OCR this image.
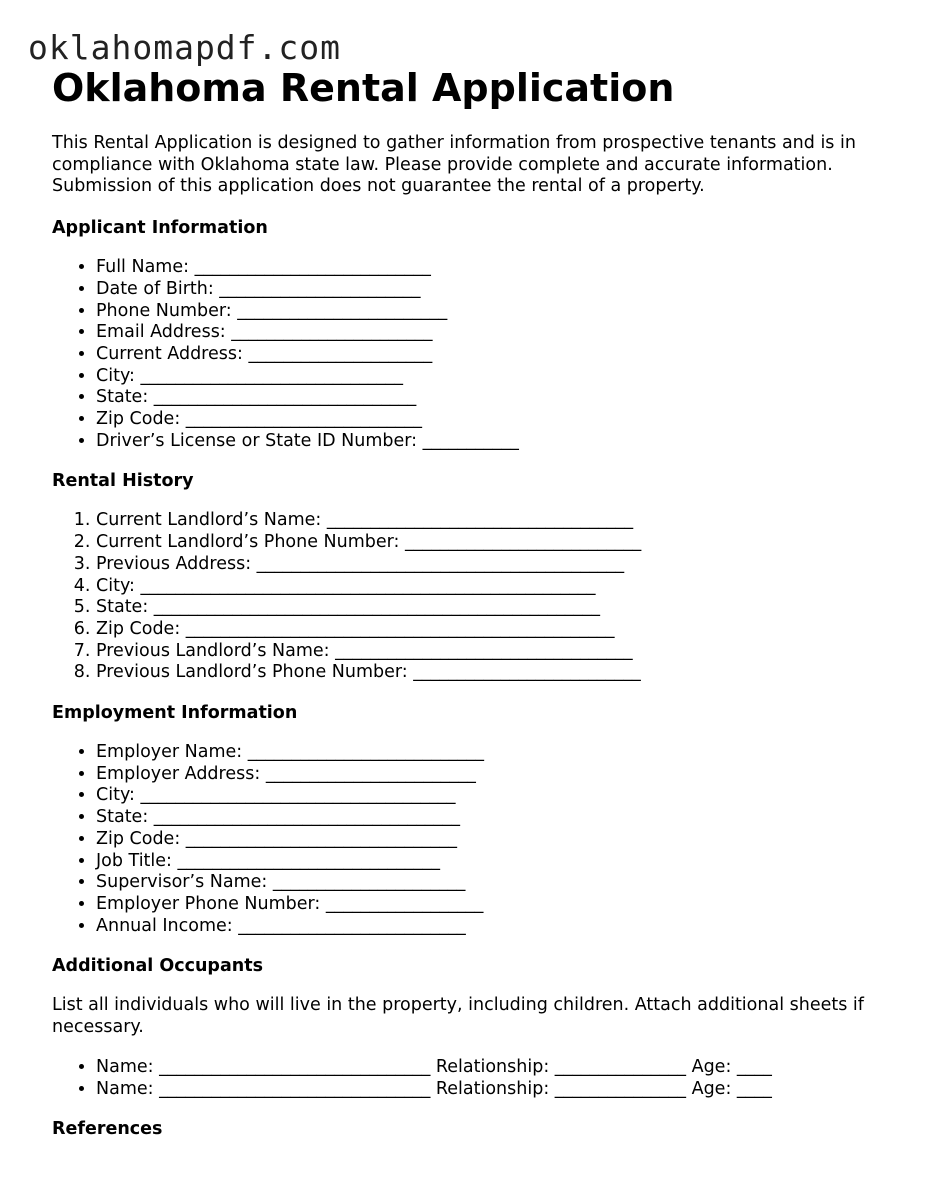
oklahomapdf.com
Oklahoma Rental Application

This Rental Application is designed to gather information from prospective tenants and is in compliance with Oklahoma state law. Please provide complete and accurate information. Submission of this application does not guarantee the rental of a property.

Applicant Information
• Full Name: ___________________________
• Date of Birth: _______________________
• Phone Number: ________________________
• Email Address: _______________________
• Current Address: _____________________
• City: ______________________________
• State: ______________________________
• Zip Code: ___________________________
• Driver’s License or State ID Number: ___________
Rental History
1. Current Landlord’s Name: ___________________________________
2. Current Landlord’s Phone Number: ___________________________
3. Previous Address: __________________________________________
4. City: ____________________________________________________
5. State: ___________________________________________________
6. Zip Code: _________________________________________________
7. Previous Landlord’s Name: __________________________________
8. Previous Landlord’s Phone Number: __________________________
Employment Information
• Employer Name: ___________________________
• Employer Address: ________________________
• City: ____________________________________
• State: ___________________________________
• Zip Code: _______________________________
• Job Title: ______________________________
• Supervisor’s Name: ______________________
• Employer Phone Number: __________________
• Annual Income: __________________________
Additional Occupants

List all individuals who will live in the property, including children. Attach additional sheets if necessary.

• Name: _______________________________ Relationship: _______________ Age: ____
• Name: _______________________________ Relationship: _______________ Age: ____
References
